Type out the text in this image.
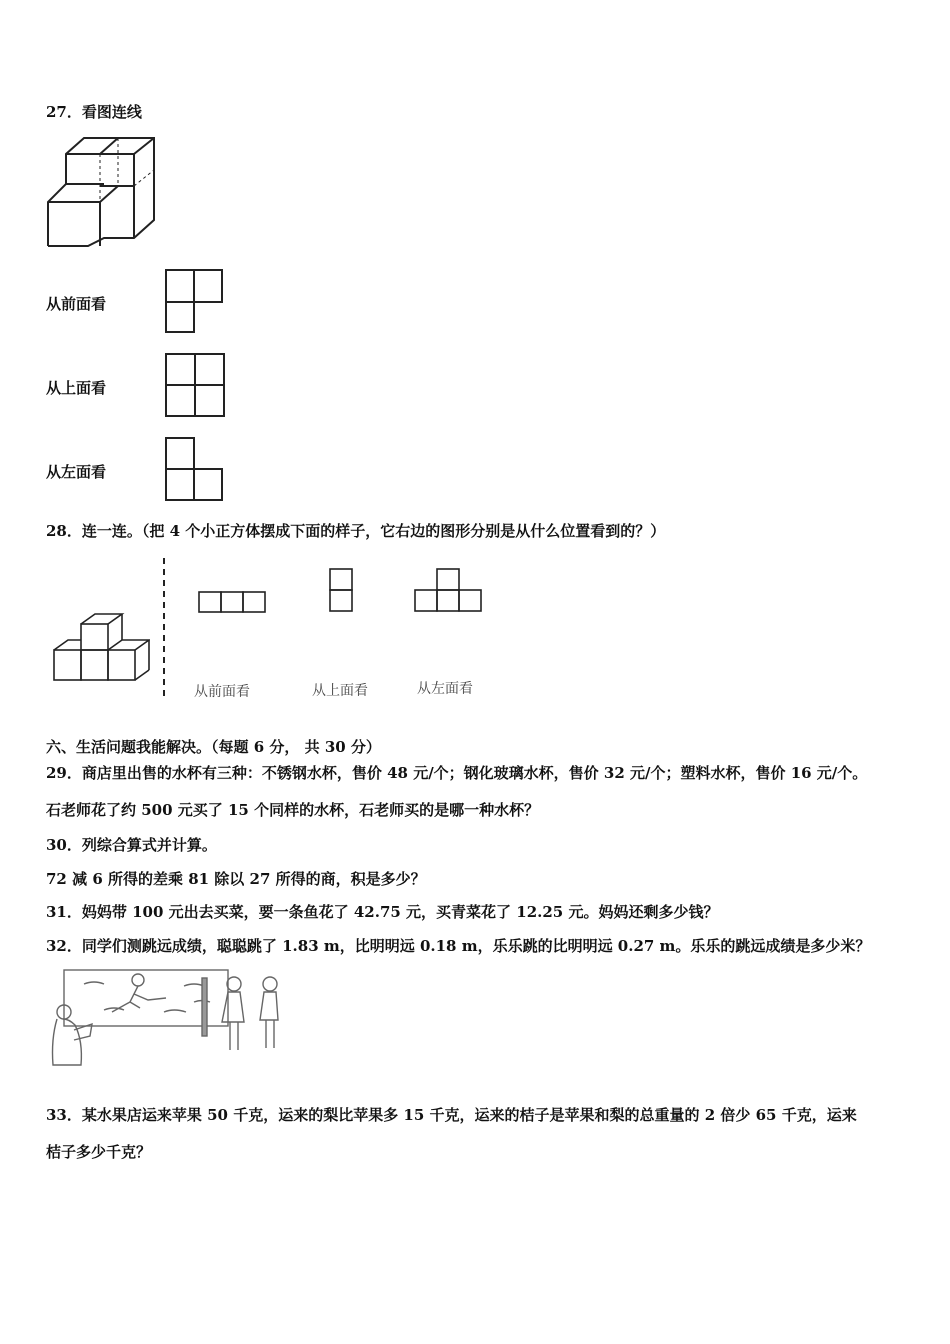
27．看图连线
从前面看
从上面看
从左面看
28．连一连。（把 4 个小正方体摆成下面的样子，它右边的图形分别是从什么位置看到的？）
从前面看	从上面看	从左面看
六、生活问题我能解决。（每题 6 分， 共 30 分）
29．商店里出售的水杯有三种：不锈钢水杯，售价 48 元/个；钢化玻璃水杯，售价 32 元/个；塑料水杯，售价 16 元/个。
石老师花了约 500 元买了 15 个同样的水杯，石老师买的是哪一种水杯？
30．列综合算式并计算。
72 减 6 所得的差乘 81 除以 27 所得的商，积是多少？
31．妈妈带 100 元出去买菜，要一条鱼花了 42.75 元，买青菜花了 12.25 元。妈妈还剩多少钱？
32．同学们测跳远成绩，聪聪跳了 1.83 m，比明明远 0.18 m，乐乐跳的比明明远 0.27 m。乐乐的跳远成绩是多少米？
33．某水果店运来苹果 50 千克，运来的梨比苹果多 15 千克，运来的桔子是苹果和梨的总重量的 2 倍少 65 千克，运来
桔子多少千克？
